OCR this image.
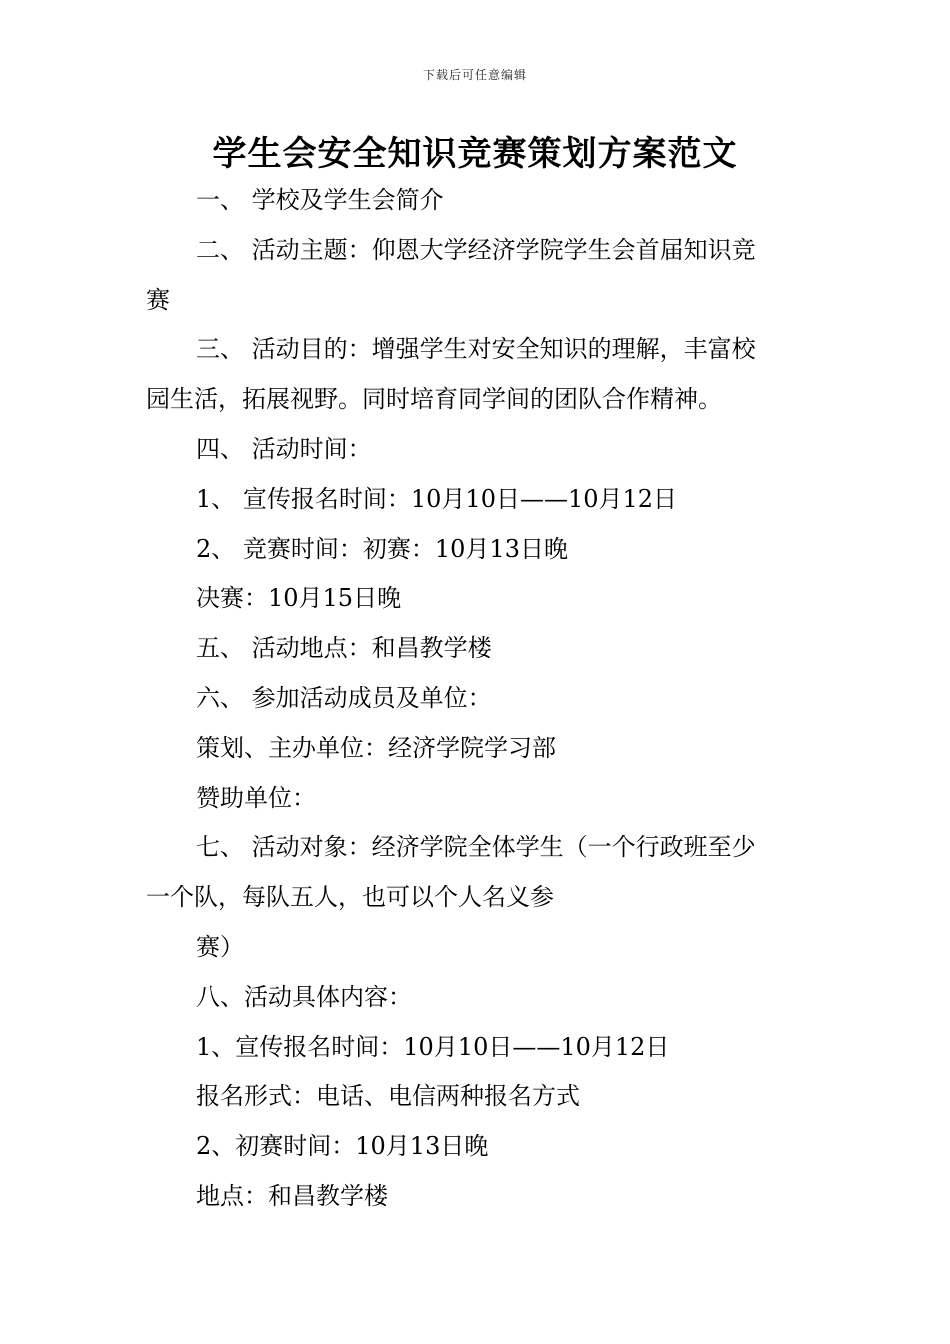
下载后可任意编辑
学生会安全知识竞赛策划方案范文
一、 学校及学生会简介
二、 活动主题：仰恩大学经济学院学生会首届知识竞
赛
三、 活动目的：增强学生对安全知识的理解，丰富校
园生活，拓展视野。同时培育同学间的团队合作精神。
四、 活动时间：
1、 宣传报名时间：10月10日——10月12日
2、 竞赛时间：初赛：10月13日晚
决赛：10月15日晚
五、 活动地点：和昌教学楼
六、 参加活动成员及单位：
策划、主办单位：经济学院学习部
赞助单位：
七、 活动对象：经济学院全体学生（一个行政班至少
一个队，每队五人，也可以个人名义参
赛）
八、活动具体内容：
1、宣传报名时间：10月10日——10月12日
报名形式：电话、电信两种报名方式
2、初赛时间：10月13日晚
地点：和昌教学楼
